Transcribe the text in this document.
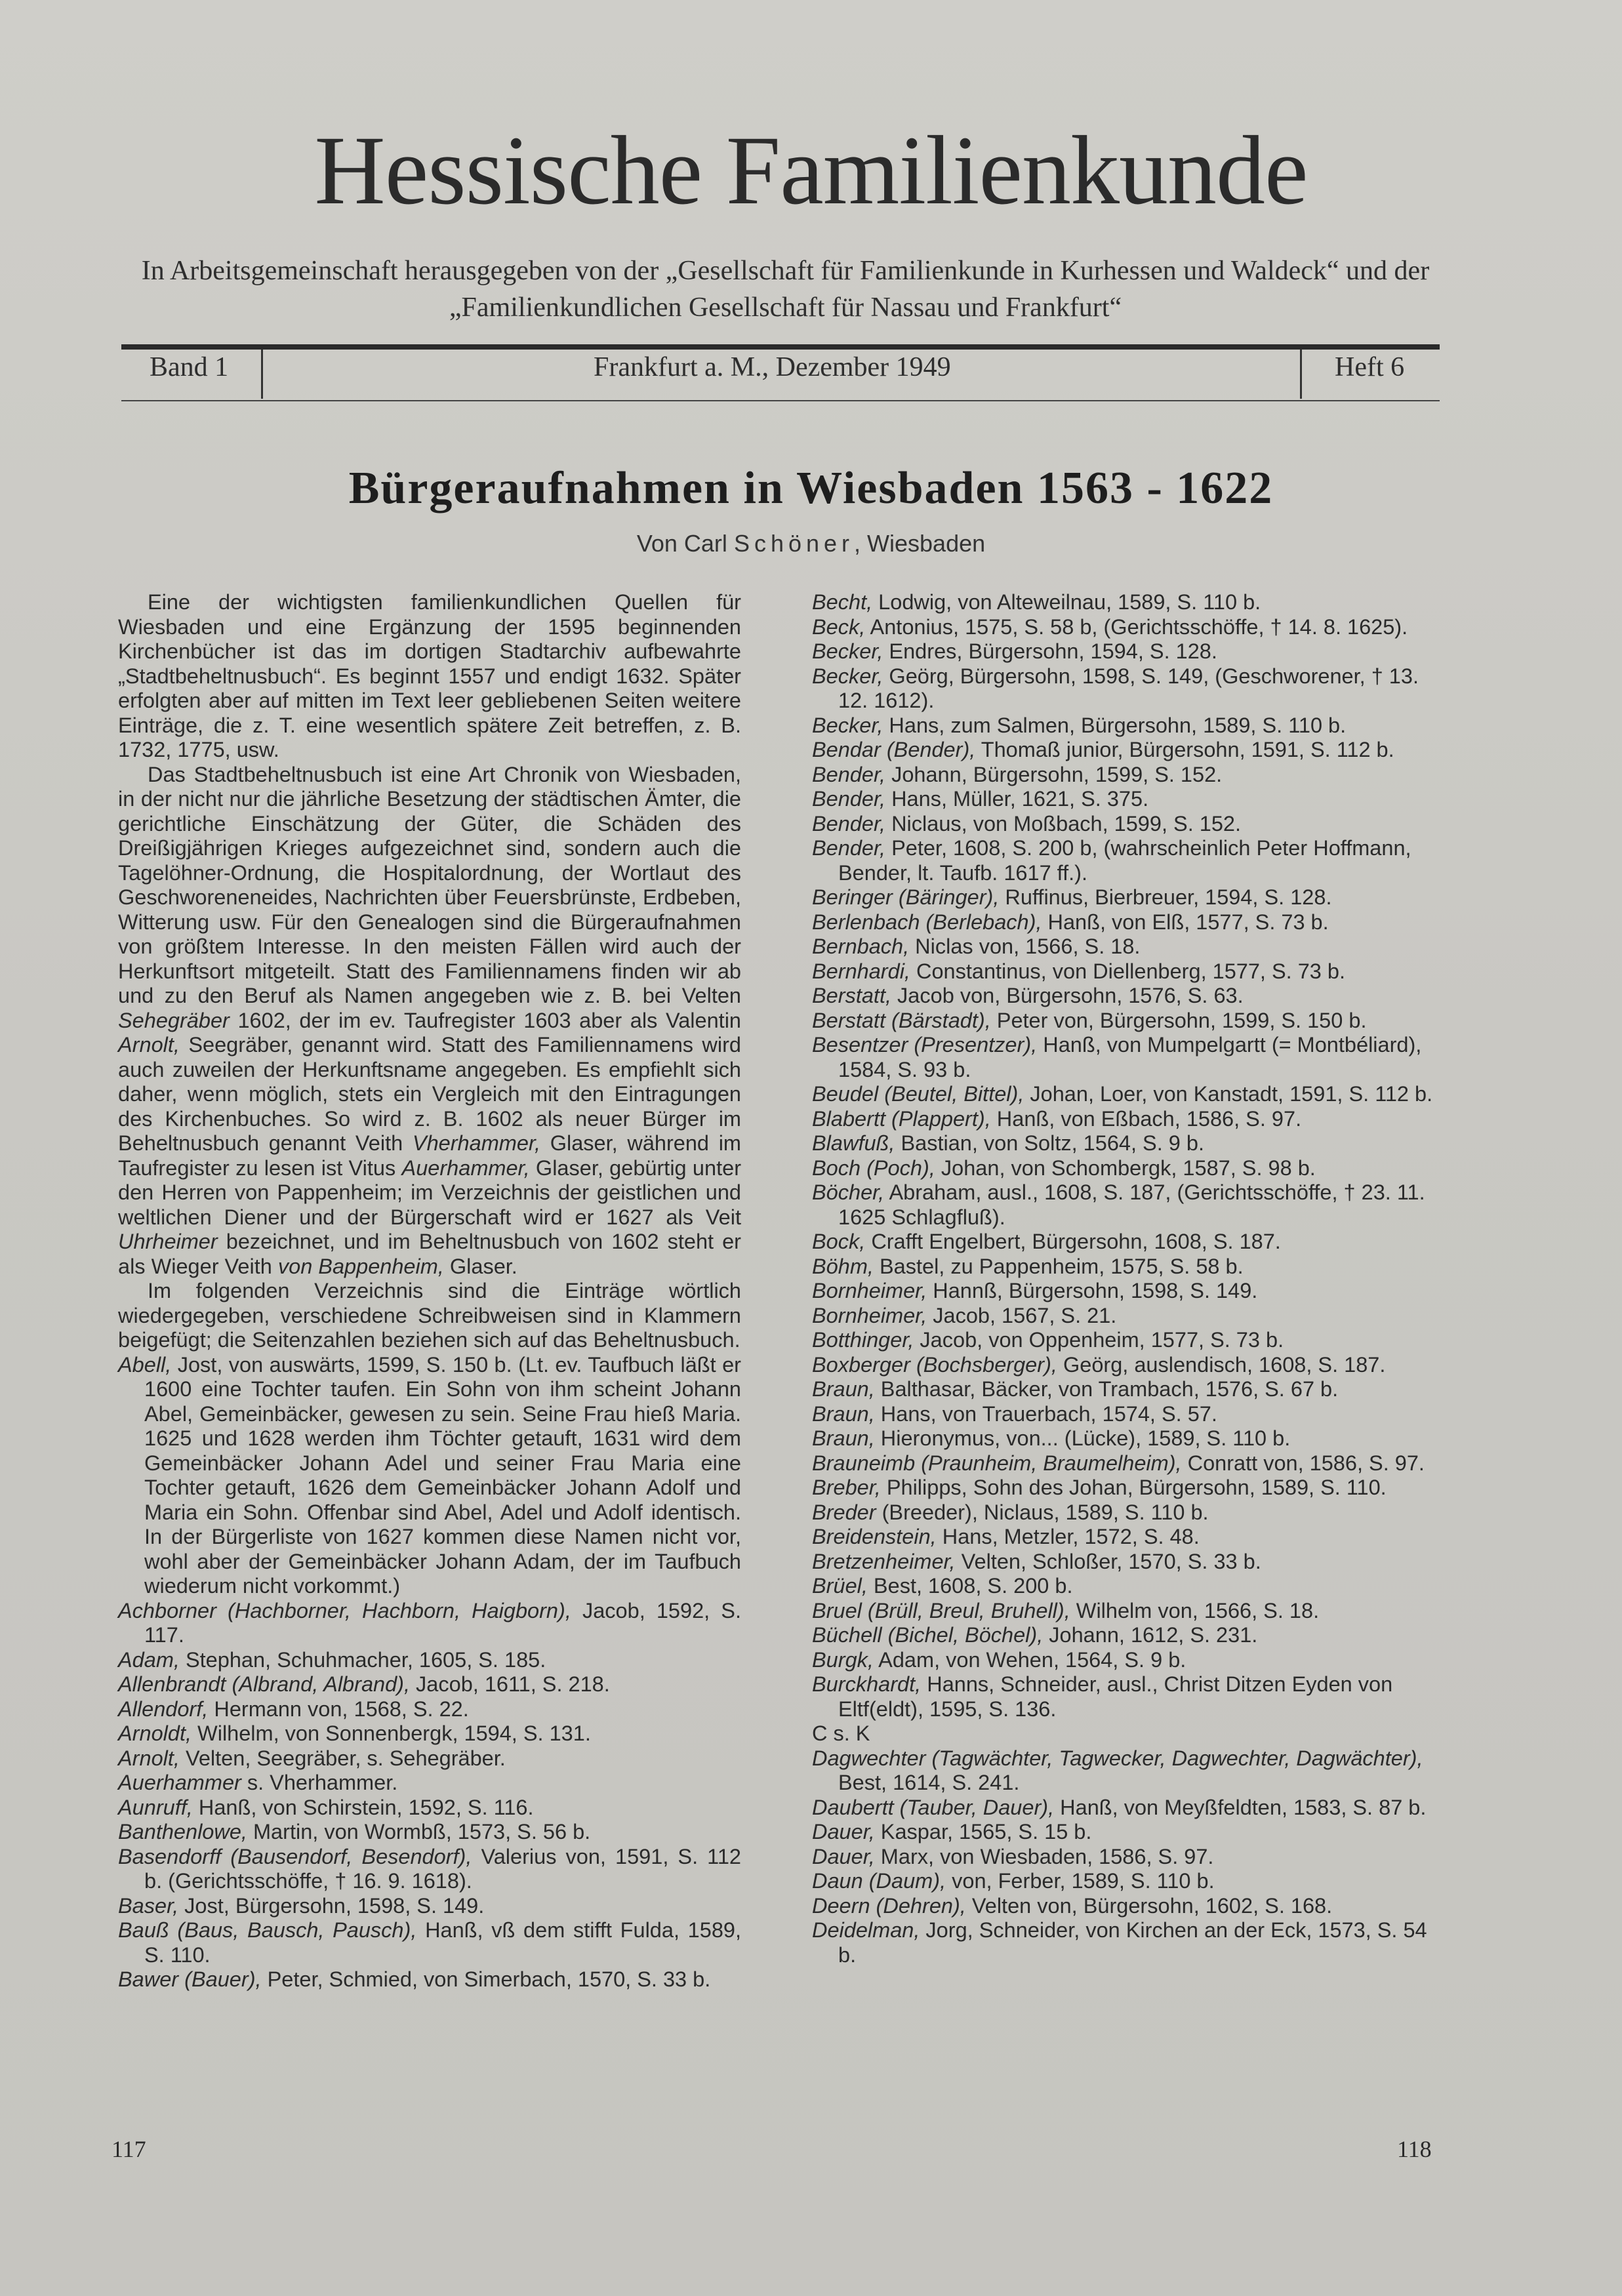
Hessische Familienkunde
In Arbeitsgemeinschaft herausgegeben von der „Gesellschaft für Familienkunde in Kurhessen und Waldeck“ und der
„Familienkundlichen Gesellschaft für Nassau und Frankfurt“
Band 1	Frankfurt a. M., Dezember 1949	Heft 6
Bürgeraufnahmen in Wiesbaden 1563 - 1622
Von Carl Schöner, Wiesbaden

Eine der wichtigsten familienkundlichen Quellen für Wiesbaden und eine Ergänzung der 1595 beginnenden Kirchenbücher ist das im dortigen Stadtarchiv aufbewahrte „Stadtbeheltnusbuch“. Es beginnt 1557 und endigt 1632. Später erfolgten aber auf mitten im Text leer gebliebenen Seiten weitere Einträge, die z. T. eine wesentlich spätere Zeit betreffen, z. B. 1732, 1775, usw.

Das Stadtbeheltnusbuch ist eine Art Chronik von Wiesbaden, in der nicht nur die jährliche Besetzung der städtischen Ämter, die gerichtliche Einschätzung der Güter, die Schäden des Dreißigjährigen Krieges aufgezeichnet sind, sondern auch die Tagelöhner-Ordnung, die Hospitalordnung, der Wortlaut des Geschworeneneides, Nachrichten über Feuersbrünste, Erdbeben, Witterung usw. Für den Genealogen sind die Bürgeraufnahmen von größtem Interesse. In den meisten Fällen wird auch der Herkunftsort mitgeteilt. Statt des Familiennamens finden wir ab und zu den Beruf als Namen angegeben wie z. B. bei Velten Sehegräber 1602, der im ev. Taufregister 1603 aber als Valentin Arnolt, Seegräber, genannt wird. Statt des Familiennamens wird auch zuweilen der Herkunftsname angegeben. Es empfiehlt sich daher, wenn möglich, stets ein Vergleich mit den Eintragungen des Kirchenbuches. So wird z. B. 1602 als neuer Bürger im Beheltnusbuch genannt Veith Vherhammer, Glaser, während im Taufregister zu lesen ist Vitus Auerhammer, Glaser, gebürtig unter den Herren von Pappenheim; im Verzeichnis der geistlichen und weltlichen Diener und der Bürgerschaft wird er 1627 als Veit Uhrheimer bezeichnet, und im Beheltnusbuch von 1602 steht er als Wieger Veith von Bappenheim, Glaser.

Im folgenden Verzeichnis sind die Einträge wörtlich wiedergegeben, verschiedene Schreibweisen sind in Klammern beigefügt; die Seitenzahlen beziehen sich auf das Beheltnusbuch.

Abell, Jost, von auswärts, 1599, S. 150 b. (Lt. ev. Taufbuch läßt er 1600 eine Tochter taufen. Ein Sohn von ihm scheint Johann Abel, Gemeinbäcker, gewesen zu sein. Seine Frau hieß Maria. 1625 und 1628 werden ihm Töchter getauft, 1631 wird dem Gemeinbäcker Johann Adel und seiner Frau Maria eine Tochter getauft, 1626 dem Gemeinbäcker Johann Adolf und Maria ein Sohn. Offenbar sind Abel, Adel und Adolf identisch. In der Bürgerliste von 1627 kommen diese Namen nicht vor, wohl aber der Gemeinbäcker Johann Adam, der im Taufbuch wiederum nicht vorkommt.)
Achborner (Hachborner, Hachborn, Haigborn), Jacob, 1592, S. 117.
Adam, Stephan, Schuhmacher, 1605, S. 185.
Allenbrandt (Albrand, Albrand), Jacob, 1611, S. 218.
Allendorf, Hermann von, 1568, S. 22.
Arnoldt, Wilhelm, von Sonnenbergk, 1594, S. 131.
Arnolt, Velten, Seegräber, s. Sehegräber.
Auerhammer s. Vherhammer.
Aunruff, Hanß, von Schirstein, 1592, S. 116.
Banthenlowe, Martin, von Wormbß, 1573, S. 56 b.
Basendorff (Bausendorf, Besendorf), Valerius von, 1591, S. 112 b. (Gerichtsschöffe, † 16. 9. 1618).
Baser, Jost, Bürgersohn, 1598, S. 149.
Bauß (Baus, Bausch, Pausch), Hanß, vß dem stifft Fulda, 1589, S. 110.
Bawer (Bauer), Peter, Schmied, von Simerbach, 1570, S. 33 b.
Becht, Lodwig, von Alteweilnau, 1589, S. 110 b.
Beck, Antonius, 1575, S. 58 b, (Gerichtsschöffe, † 14. 8. 1625).
Becker, Endres, Bürgersohn, 1594, S. 128.
Becker, Geörg, Bürgersohn, 1598, S. 149, (Geschworener, † 13. 12. 1612).
Becker, Hans, zum Salmen, Bürgersohn, 1589, S. 110 b.
Bendar (Bender), Thomaß junior, Bürgersohn, 1591, S. 112 b.
Bender, Johann, Bürgersohn, 1599, S. 152.
Bender, Hans, Müller, 1621, S. 375.
Bender, Niclaus, von Moßbach, 1599, S. 152.
Bender, Peter, 1608, S. 200 b, (wahrscheinlich Peter Hoffmann, Bender, lt. Taufb. 1617 ff.).
Beringer (Bäringer), Ruffinus, Bierbreuer, 1594, S. 128.
Berlenbach (Berlebach), Hanß, von Elß, 1577, S. 73 b.
Bernbach, Niclas von, 1566, S. 18.
Bernhardi, Constantinus, von Diellenberg, 1577, S. 73 b.
Berstatt, Jacob von, Bürgersohn, 1576, S. 63.
Berstatt (Bärstadt), Peter von, Bürgersohn, 1599, S. 150 b.
Besentzer (Presentzer), Hanß, von Mumpelgartt (= Montbéliard), 1584, S. 93 b.
Beudel (Beutel, Bittel), Johan, Loer, von Kanstadt, 1591, S. 112 b.
Blabertt (Plappert), Hanß, von Eßbach, 1586, S. 97.
Blawfuß, Bastian, von Soltz, 1564, S. 9 b.
Boch (Poch), Johan, von Schombergk, 1587, S. 98 b.
Böcher, Abraham, ausl., 1608, S. 187, (Gerichtsschöffe, † 23. 11. 1625 Schlagfluß).
Bock, Crafft Engelbert, Bürgersohn, 1608, S. 187.
Böhm, Bastel, zu Pappenheim, 1575, S. 58 b.
Bornheimer, Hannß, Bürgersohn, 1598, S. 149.
Bornheimer, Jacob, 1567, S. 21.
Botthinger, Jacob, von Oppenheim, 1577, S. 73 b.
Boxberger (Bochsberger), Geörg, auslendisch, 1608, S. 187.
Braun, Balthasar, Bäcker, von Trambach, 1576, S. 67 b.
Braun, Hans, von Trauerbach, 1574, S. 57.
Braun, Hieronymus, von... (Lücke), 1589, S. 110 b.
Brauneimb (Praunheim, Braumelheim), Conratt von, 1586, S. 97.
Breber, Philipps, Sohn des Johan, Bürgersohn, 1589, S. 110.
Breder (Breeder), Niclaus, 1589, S. 110 b.
Breidenstein, Hans, Metzler, 1572, S. 48.
Bretzenheimer, Velten, Schloßer, 1570, S. 33 b.
Brüel, Best, 1608, S. 200 b.
Bruel (Brüll, Breul, Bruhell), Wilhelm von, 1566, S. 18.
Büchell (Bichel, Böchel), Johann, 1612, S. 231.
Burgk, Adam, von Wehen, 1564, S. 9 b.
Burckhardt, Hanns, Schneider, ausl., Christ Ditzen Eyden von Eltf(eldt), 1595, S. 136.
C s. K
Dagwechter (Tagwächter, Tagwecker, Dagwechter, Dagwächter), Best, 1614, S. 241.
Daubertt (Tauber, Dauer), Hanß, von Meyßfeldten, 1583, S. 87 b.
Dauer, Kaspar, 1565, S. 15 b.
Dauer, Marx, von Wiesbaden, 1586, S. 97.
Daun (Daum), von, Ferber, 1589, S. 110 b.
Deern (Dehren), Velten von, Bürgersohn, 1602, S. 168.
Deidelman, Jorg, Schneider, von Kirchen an der Eck, 1573, S. 54 b.
117	118
